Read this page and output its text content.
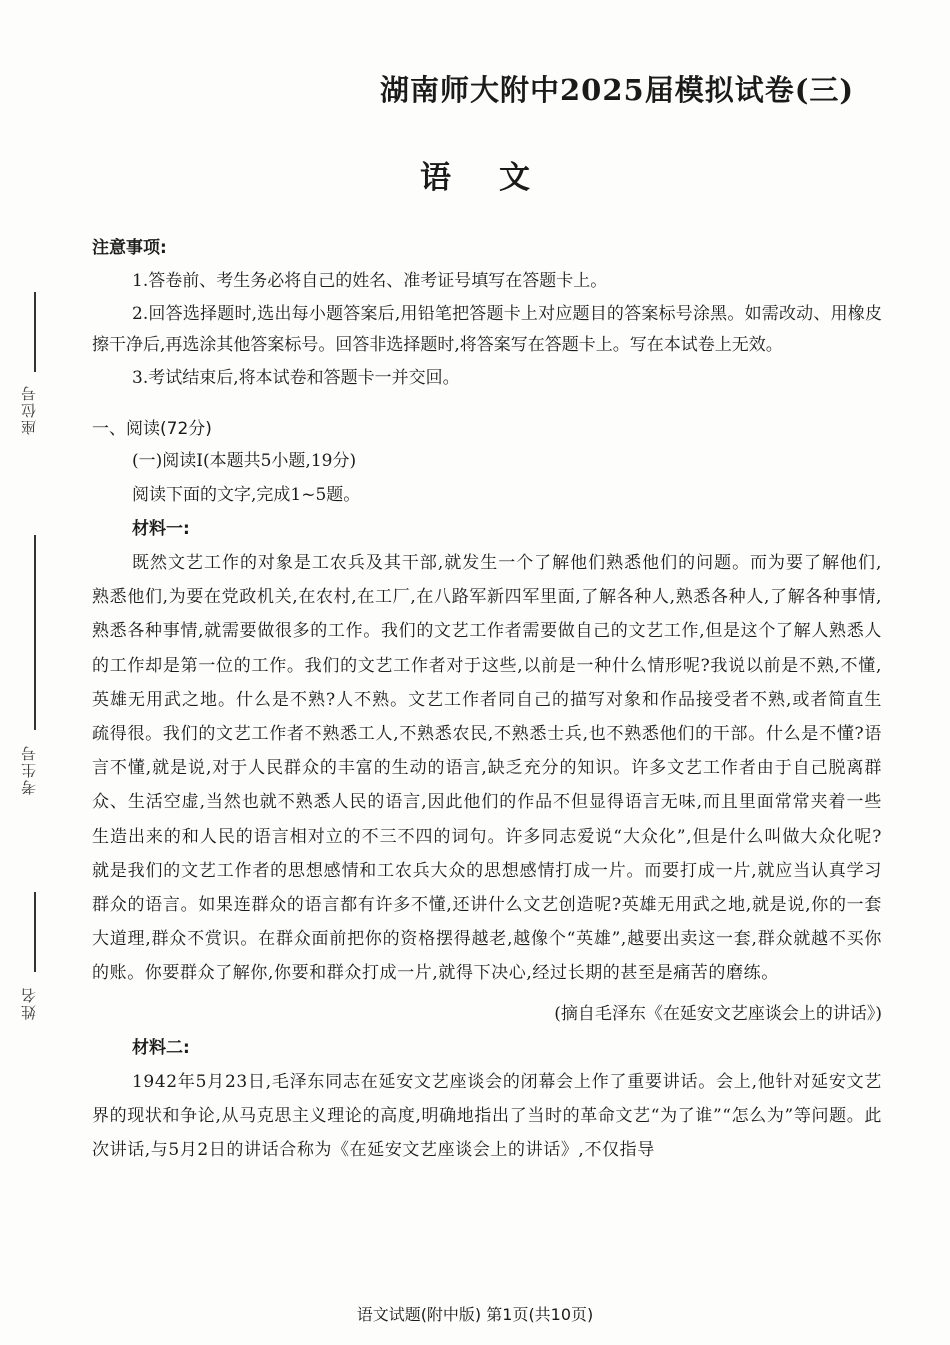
座位号
考生号
姓名
湖南师大附中2025届模拟试卷(三)
语文
注意事项:

1.答卷前、考生务必将自己的姓名、准考证号填写在答题卡上。

2.回答选择题时,选出每小题答案后,用铅笔把答题卡上对应题目的答案标号涂黑。如需改动、用橡皮擦干净后,再选涂其他答案标号。回答非选择题时,将答案写在答题卡上。写在本试卷上无效。

3.考试结束后,将本试卷和答题卡一并交回。

一、阅读(72分)
(一)阅读Ⅰ(本题共5小题,19分)
阅读下面的文字,完成1~5题。
材料一:

既然文艺工作的对象是工农兵及其干部,就发生一个了解他们熟悉他们的问题。而为要了解他们,熟悉他们,为要在党政机关,在农村,在工厂,在八路军新四军里面,了解各种人,熟悉各种人,了解各种事情,熟悉各种事情,就需要做很多的工作。我们的文艺工作者需要做自己的文艺工作,但是这个了解人熟悉人的工作却是第一位的工作。我们的文艺工作者对于这些,以前是一种什么情形呢?我说以前是不熟,不懂,英雄无用武之地。什么是不熟?人不熟。文艺工作者同自己的描写对象和作品接受者不熟,或者简直生疏得很。我们的文艺工作者不熟悉工人,不熟悉农民,不熟悉士兵,也不熟悉他们的干部。什么是不懂?语言不懂,就是说,对于人民群众的丰富的生动的语言,缺乏充分的知识。许多文艺工作者由于自己脱离群众、生活空虚,当然也就不熟悉人民的语言,因此他们的作品不但显得语言无味,而且里面常常夹着一些生造出来的和人民的语言相对立的不三不四的词句。许多同志爱说“大众化”,但是什么叫做大众化呢?就是我们的文艺工作者的思想感情和工农兵大众的思想感情打成一片。而要打成一片,就应当认真学习群众的语言。如果连群众的语言都有许多不懂,还讲什么文艺创造呢?英雄无用武之地,就是说,你的一套大道理,群众不赏识。在群众面前把你的资格摆得越老,越像个“英雄”,越要出卖这一套,群众就越不买你的账。你要群众了解你,你要和群众打成一片,就得下决心,经过长期的甚至是痛苦的磨练。

(摘自毛泽东《在延安文艺座谈会上的讲话》)
材料二:

1942年5月23日,毛泽东同志在延安文艺座谈会的闭幕会上作了重要讲话。会上,他针对延安文艺界的现状和争论,从马克思主义理论的高度,明确地指出了当时的革命文艺“为了谁”“怎么为”等问题。此次讲话,与5月2日的讲话合称为《在延安文艺座谈会上的讲话》,不仅指导

语文试题(附中版) 第1页(共10页)
